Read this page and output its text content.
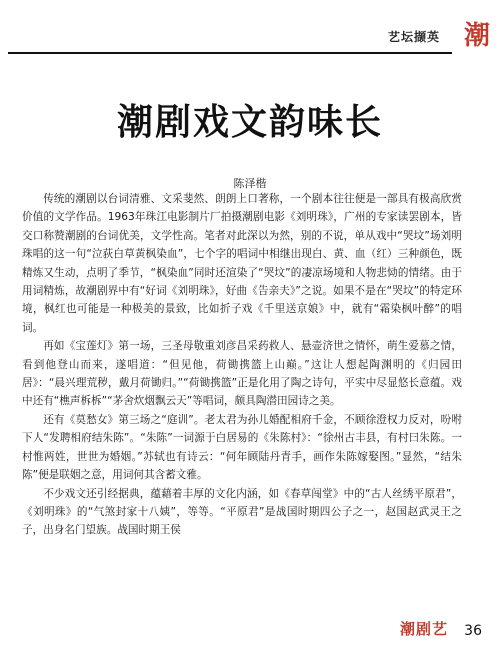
艺坛撷英 潮
潮剧戏文韵味长
陈泽楷

传统的潮剧以台词清雅、文采斐然、朗朗上口著称，一个剧本往往便是一部具有极高欣赏价值的文学作品。1963年珠江电影制片厂拍摄潮剧电影《刘明珠》，广州的专家读罢剧本，皆交口称赞潮剧的台词优美，文学性高。笔者对此深以为然，别的不说，单从戏中“哭坟”场刘明珠唱的这一句“泣荻白草黄枫染血”，七个字的唱词中相继出现白、黄、血（红）三种颜色，既精炼又生动，点明了季节，“枫染血”同时还渲染了“哭坟”的凄凉场境和人物悲恸的情绪。由于用词精炼，故潮剧界中有“好词《刘明珠》，好曲《告亲夫》”之说。如果不是在“哭坟”的特定环境，枫红也可能是一种极美的景致，比如折子戏《千里送京娘》中，就有“霜染枫叶醉”的唱词。

再如《宝莲灯》第一场，三圣母敬重刘彦昌采药救人、悬壶济世之情怀，萌生爱慕之情，看到他登山而来，遂唱道：“但见他，荷锄携篮上山巅。”这让人想起陶渊明的《归园田居》：“晨兴理荒秽，戴月荷锄归。”“荷锄携篮”正是化用了陶之诗句，平实中尽显悠长意蕴。戏中还有“樵声柝柝”“茅舍炊烟飘云天”等唱词，颇具陶潜田园诗之美。

还有《莫愁女》第三场之“庭训”。老太君为孙儿婚配相府千金，不顾徐澄权力反对，吩咐下人“发聘相府结朱陈”。“朱陈”一词源于白居易的《朱陈村》：“徐州古丰县，有村曰朱陈。一村惟两姓，世世为婚姻。”苏轼也有诗云：“何年顾陆丹青手，画作朱陈嫁娶图。”显然，“结朱陈”便是联姻之意，用词何其含蓄文雅。

不少戏文还引经据典，蕴藉着丰厚的文化内涵，如《春草闯堂》中的“古人丝绣平原君”，《刘明珠》的“气煞封家十八姨”，等等。“平原君”是战国时期四公子之一，赵国赵武灵王之子，出身名门望族。战国时期王侯

潮剧艺 36
